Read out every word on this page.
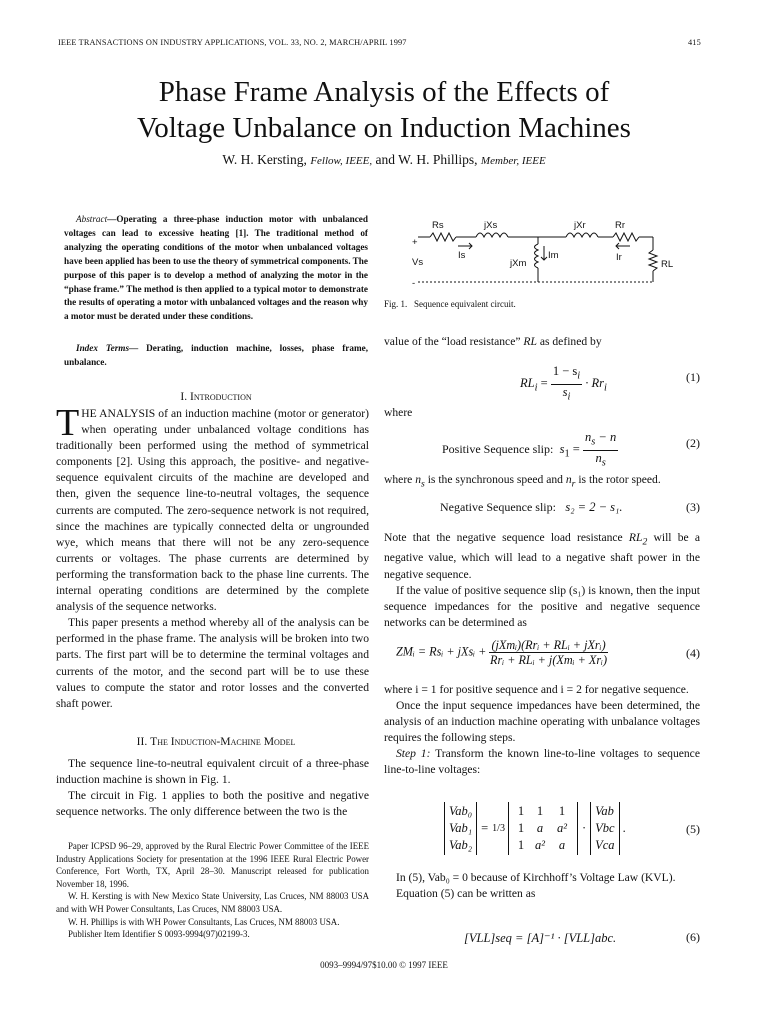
IEEE TRANSACTIONS ON INDUSTRY APPLICATIONS, VOL. 33, NO. 2, MARCH/APRIL 1997	415
Phase Frame Analysis of the Effects of
Voltage Unbalance on Induction Machines
W. H. Kersting, Fellow, IEEE, and W. H. Phillips, Member, IEEE
Abstract—Operating a three-phase induction motor with unbalanced voltages can lead to excessive heating [1]. The traditional method of analyzing the operating conditions of the motor when unbalanced voltages have been applied has been to use the theory of symmetrical components. The purpose of this paper is to develop a method of analyzing the motor in the “phase frame.” The method is then applied to a typical motor to demonstrate the results of operating a motor with unbalanced voltages and the reason why a motor must be derated under these conditions.
Index Terms— Derating, induction machine, losses, phase frame, unbalance.
I. Introduction

THE ANALYSIS of an induction machine (motor or generator) when operating under unbalanced voltage conditions has traditionally been performed using the method of symmetrical components [2]. Using this approach, the positive- and negative-sequence equivalent circuits of the machine are developed and then, given the sequence line-to-neutral voltages, the sequence currents are computed. The zero-sequence network is not required, since the machines are typically connected delta or ungrounded wye, which means that there will not be any zero-sequence currents or voltages. The phase currents are determined by performing the transformation back to the phase line currents. The internal operating conditions are determined by the complete analysis of the sequence networks.

This paper presents a method whereby all of the analysis can be performed in the phase frame. The analysis will be broken into two parts. The first part will be to determine the terminal voltages and currents of the motor, and the second part will be to use these values to compute the stator and rotor losses and the converted shaft power.

II. The Induction-Machine Model

The sequence line-to-neutral equivalent circuit of a three-phase induction machine is shown in Fig. 1.

The circuit in Fig. 1 applies to both the positive and negative sequence networks. The only difference between the two is the

Paper ICPSD 96–29, approved by the Rural Electric Power Committee of the IEEE Industry Applications Society for presentation at the 1996 IEEE Rural Electric Power Conference, Fort Worth, TX, April 28–30. Manuscript released for publication November 18, 1996.

W. H. Kersting is with New Mexico State University, Las Cruces, NM 88003 USA and with WH Power Consultants, Las Cruces, NM 88003 USA.

W. H. Phillips is with WH Power Consultants, Las Cruces, NM 88003 USA.

Publisher Item Identifier S 0093-9994(97)02199-3.

Rs	jXs	jXr	Rr
+
Vs
Is
jXm
Im	Ir
RL
-
Fig. 1. Sequence equivalent circuit.
value of the “load resistance” RL as defined by
$RL_i = \frac{1 - s_i}{s_i} \cdot Rr_i$
(1)
where
Positive Sequence slip: $s_1 = \frac{n_s - n}{n_s}$	(2)
where $n_s$ is the synchronous speed and $n_r$ is the rotor speed.
Negative Sequence slip: s₂ = 2 − s₁.	(3)

Note that the negative sequence load resistance $RL_2$ will be a negative value, which will lead to a negative shaft power in the negative sequence.

If the value of positive sequence slip (s₁) is known, then the input sequence impedances for the positive and negative sequence networks can be determined as

ZMᵢ = Rsᵢ + jXsᵢ + $\frac{\text{(jXmᵢ)(Rrᵢ + RLᵢ + jXrᵢ)}}{\text{Rrᵢ + RLᵢ + j(Xmᵢ + Xrᵢ)}}$	(4)

where i = 1 for positive sequence and i = 2 for negative sequence.

Once the input sequence impedances have been determined, the analysis of an induction machine operating with unbalance voltages requires the following steps.

Step 1: Transform the known line-to-line voltages to sequence line-to-line voltages:

Vab₀
Vab₁
Vab₂
= 1/3
1	1	1
1	a	a²
1 a²	a
·
Vab
Vbc
Vca
.	(5)

In (5), Vab₀ = 0 because of Kirchhoff’s Voltage Law (KVL).

Equation (5) can be written as

[VLL]seq = [A]⁻¹ · [VLL]abc.	(6)
0093–9994/97$10.00 © 1997 IEEE
